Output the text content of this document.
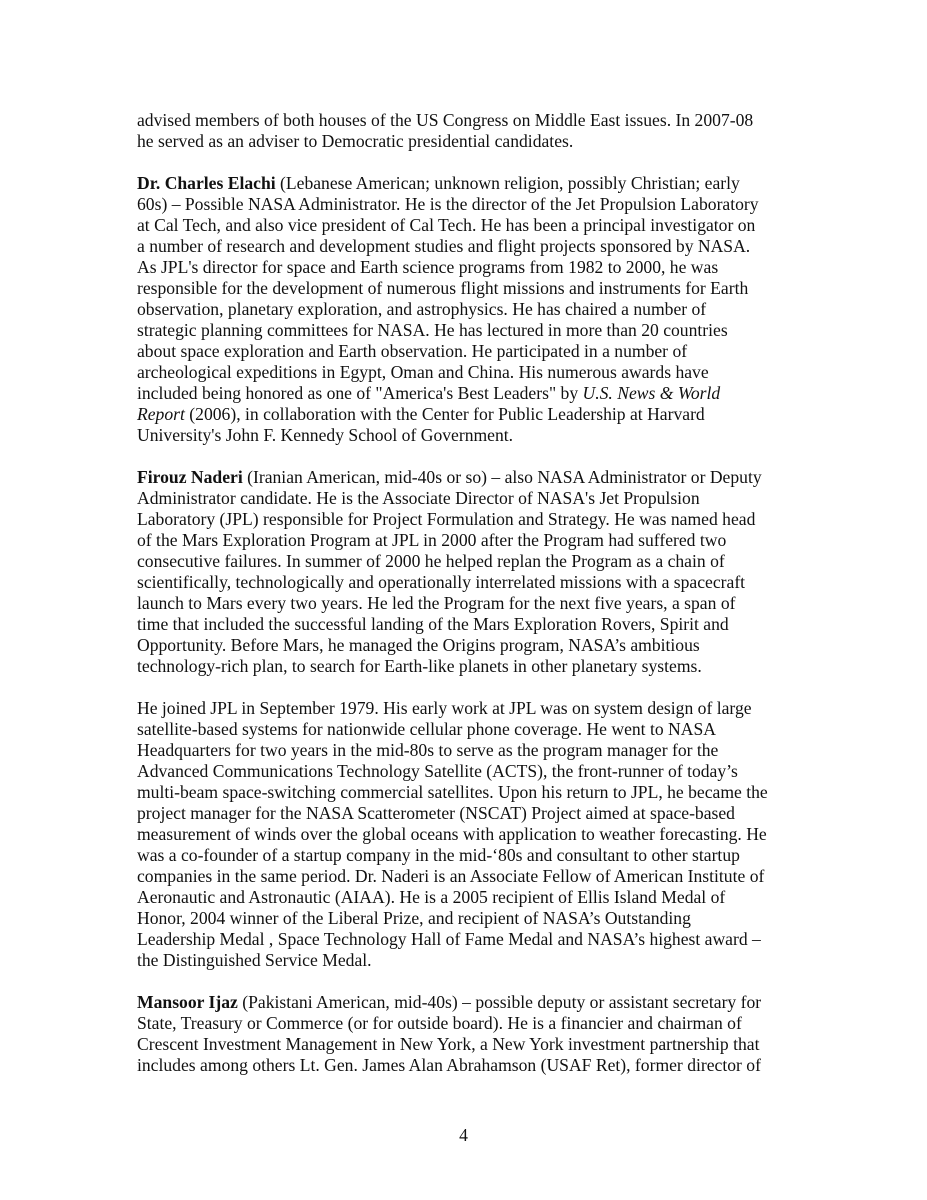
advised members of both houses of the US Congress on Middle East issues. In 2007-08
he served as an adviser to Democratic presidential candidates.

Dr. Charles Elachi (Lebanese American; unknown religion, possibly Christian; early
60s) – Possible NASA Administrator. He is the director of the Jet Propulsion Laboratory
at Cal Tech, and also vice president of Cal Tech. He has been a principal investigator on
a number of research and development studies and flight projects sponsored by NASA.
As JPL's director for space and Earth science programs from 1982 to 2000, he was
responsible for the development of numerous flight missions and instruments for Earth
observation, planetary exploration, and astrophysics. He has chaired a number of
strategic planning committees for NASA. He has lectured in more than 20 countries
about space exploration and Earth observation. He participated in a number of
archeological expeditions in Egypt, Oman and China. His numerous awards have
included being honored as one of "America's Best Leaders" by U.S. News & World
Report (2006), in collaboration with the Center for Public Leadership at Harvard
University's John F. Kennedy School of Government.

Firouz Naderi (Iranian American, mid-40s or so) – also NASA Administrator or Deputy
Administrator candidate. He is the Associate Director of NASA's Jet Propulsion
Laboratory (JPL) responsible for Project Formulation and Strategy. He was named head
of the Mars Exploration Program at JPL in 2000 after the Program had suffered two
consecutive failures. In summer of 2000 he helped replan the Program as a chain of
scientifically, technologically and operationally interrelated missions with a spacecraft
launch to Mars every two years. He led the Program for the next five years, a span of
time that included the successful landing of the Mars Exploration Rovers, Spirit and
Opportunity. Before Mars, he managed the Origins program, NASA’s ambitious
technology-rich plan, to search for Earth-like planets in other planetary systems.

He joined JPL in September 1979. His early work at JPL was on system design of large
satellite-based systems for nationwide cellular phone coverage. He went to NASA
Headquarters for two years in the mid-80s to serve as the program manager for the
Advanced Communications Technology Satellite (ACTS), the front-runner of today’s
multi-beam space-switching commercial satellites. Upon his return to JPL, he became the
project manager for the NASA Scatterometer (NSCAT) Project aimed at space-based
measurement of winds over the global oceans with application to weather forecasting. He
was a co-founder of a startup company in the mid-‘80s and consultant to other startup
companies in the same period. Dr. Naderi is an Associate Fellow of American Institute of
Aeronautic and Astronautic (AIAA). He is a 2005 recipient of Ellis Island Medal of
Honor, 2004 winner of the Liberal Prize, and recipient of NASA’s Outstanding
Leadership Medal , Space Technology Hall of Fame Medal and NASA’s highest award –
the Distinguished Service Medal.

Mansoor Ijaz (Pakistani American, mid-40s) – possible deputy or assistant secretary for
State, Treasury or Commerce (or for outside board). He is a financier and chairman of
Crescent Investment Management in New York, a New York investment partnership that
includes among others Lt. Gen. James Alan Abrahamson (USAF Ret), former director of

4
